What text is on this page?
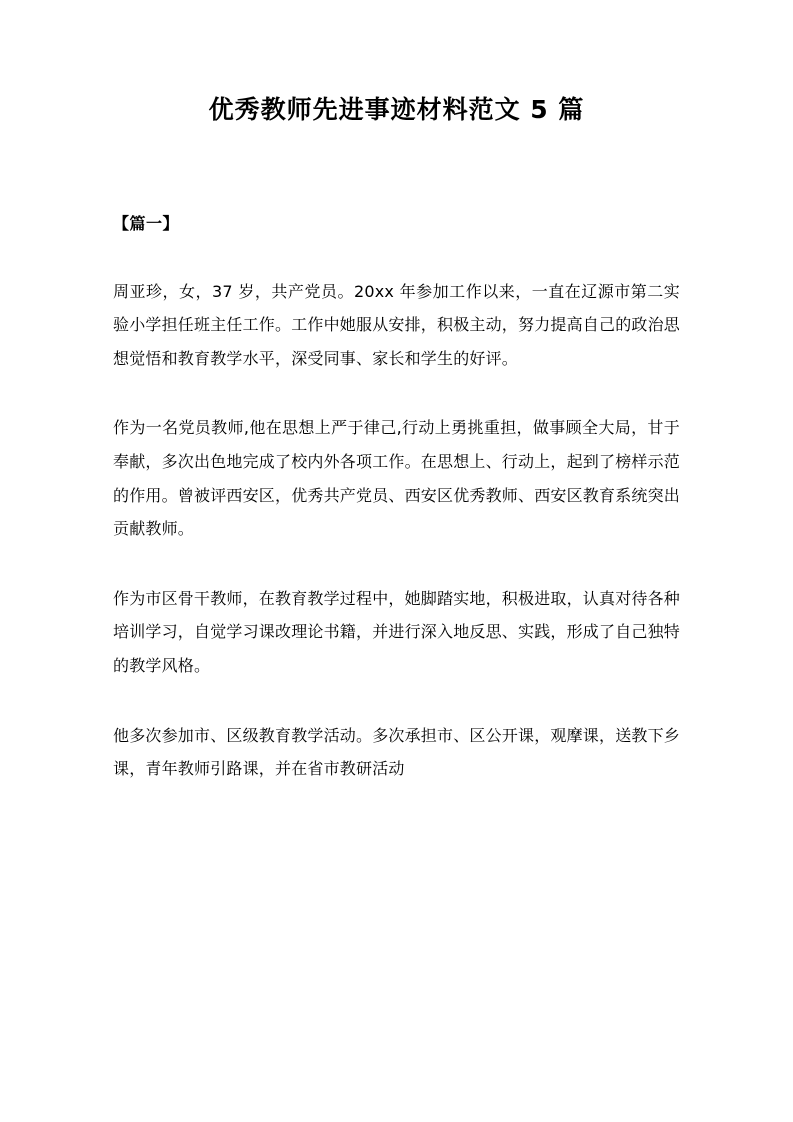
优秀教师先进事迹材料范文 5 篇

【篇一】

周亚珍，女，37 岁，共产党员。20xx 年参加工作以来，一直在辽源市第二实验小学担任班主任工作。工作中她服从安排，积极主动，努力提高自己的政治思想觉悟和教育教学水平，深受同事、家长和学生的好评。

作为一名党员教师,他在思想上严于律己,行动上勇挑重担，做事顾全大局，甘于奉献，多次出色地完成了校内外各项工作。在思想上、行动上，起到了榜样示范的作用。曾被评西安区，优秀共产党员、西安区优秀教师、西安区教育系统突出贡献教师。

作为市区骨干教师，在教育教学过程中，她脚踏实地，积极进取，认真对待各种培训学习，自觉学习课改理论书籍，并进行深入地反思、实践，形成了自己独特的教学风格。

他多次参加市、区级教育教学活动。多次承担市、区公开课，观摩课，送教下乡课，青年教师引路课，并在省市教研活动
